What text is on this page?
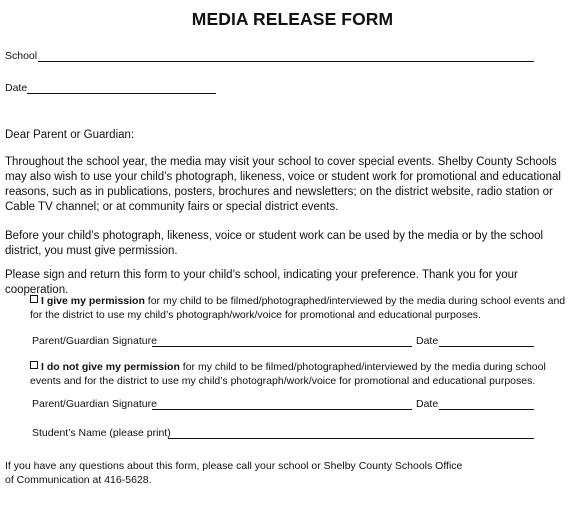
MEDIA RELEASE FORM
School
Date
Dear Parent or Guardian:
Throughout the school year, the media may visit your school to cover special events. Shelby County Schools may also wish to use your child’s photograph, likeness, voice or student work for promotional and educational reasons, such as in publications, posters, brochures and newsletters; on the district website, radio station or Cable TV channel; or at community fairs or special district events.
Before your child’s photograph, likeness, voice or student work can be used by the media or by the school district, you must give permission.
Please sign and return this form to your child’s school, indicating your preference. Thank you for your cooperation.
I give my permission for my child to be filmed/photographed/interviewed by the media during school events and for the district to use my child’s photograph/work/voice for promotional and educational purposes.
Parent/Guardian Signature	Date
I do not give my permission for my child to be filmed/photographed/interviewed by the media during school events and for the district to use my child’s photograph/work/voice for promotional and educational purposes.
Parent/Guardian Signature	Date
Student’s Name (please print)
If you have any questions about this form, please call your school or Shelby County Schools Office of Communication at 416-5628.
